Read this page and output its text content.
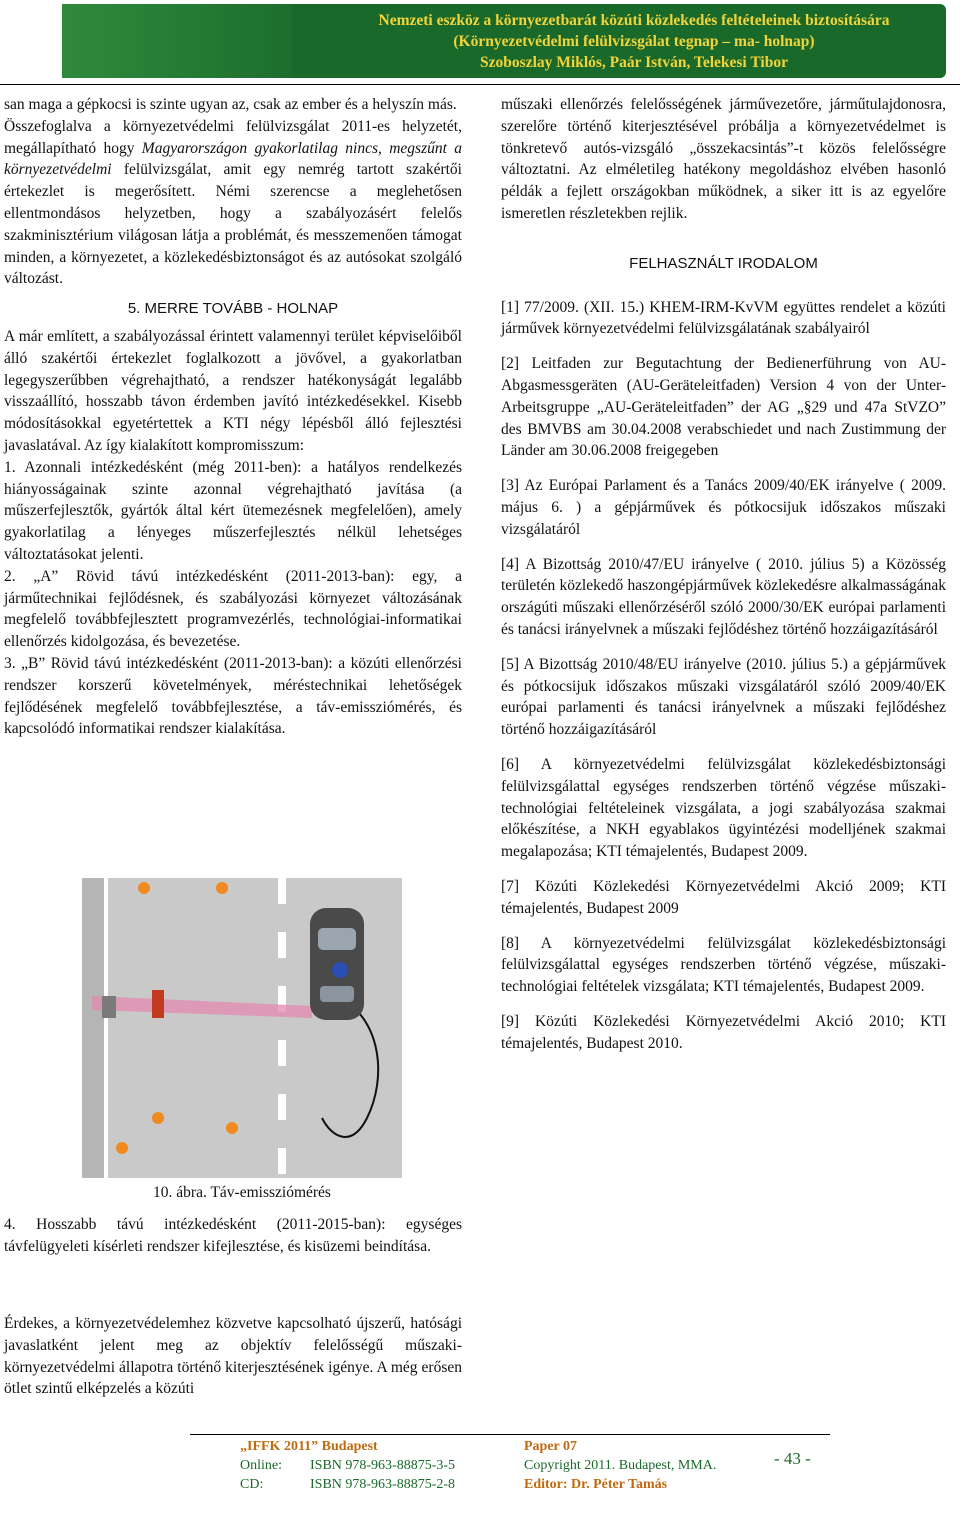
Nemzeti eszköz a környezetbarát közúti közlekedés feltételeinek biztosítására
(Környezetvédelmi felülvizsgálat tegnap – ma- holnap)
Szoboszlay Miklós, Paár István, Telekesi Tibor

san maga a gépkocsi is szinte ugyan az, csak az ember és a helyszín más.

Összefoglalva a környezetvédelmi felülvizsgálat 2011-es helyzetét, megállapítható hogy Magyarországon gyakorlatilag nincs, megszűnt a környezetvédelmi felülvizsgálat, amit egy nemrég tartott szakértői értekezlet is megerősített. Némi szerencse a meglehetősen ellentmondásos helyzetben, hogy a szabályozásért felelős szakminisztérium világosan látja a problémát, és messzemenően támogat minden, a környezetet, a közlekedésbiztonságot és az autósokat szolgáló változást.

5. MERRE TOVÁBB - HOLNAP

A már említett, a szabályozással érintett valamennyi terület képviselőiből álló szakértői értekezlet foglalkozott a jövővel, a gyakorlatban legegyszerűbben végrehajtható, a rendszer hatékonyságát legalább visszaállító, hosszabb távon érdemben javító intézkedésekkel. Kisebb módosításokkal egyetértettek a KTI négy lépésből álló fejlesztési javaslatával. Az így kialakított kompromisszum:

1. Azonnali intézkedésként (még 2011-ben): a hatályos rendelkezés hiányosságainak szinte azonnal végrehajtható javítása (a műszerfejlesztők, gyártók által kért ütemezésnek megfelelően), amely gyakorlatilag a lényeges műszerfejlesztés nélkül lehetséges változtatásokat jelenti.

2. „A” Rövid távú intézkedésként (2011-2013-ban): egy, a járműtechnikai fejlődésnek, és szabályozási környezet változásának megfelelő továbbfejlesztett programvezérlés, technológiai-informatikai ellenőrzés kidolgozása, és bevezetése.

3. „B” Rövid távú intézkedésként (2011-2013-ban): a közúti ellenőrzési rendszer korszerű követelmények, méréstechnikai lehetőségek fejlődésének megfelelő továbbfejlesztése, a táv-emissziómérés, és kapcsolódó informatikai rendszer kialakítása.

10. ábra. Táv-emissziómérés

4. Hosszabb távú intézkedésként (2011-2015-ban): egységes távfelügyeleti kísérleti rendszer kifejlesztése, és kisüzemi beindítása.

Érdekes, a környezetvédelemhez közvetve kapcsolható újszerű, hatósági javaslatként jelent meg az objektív felelősségű műszaki-környezetvédelmi állapotra történő kiterjesztésének igénye. A még erősen ötlet szintű elképzelés a közúti

műszaki ellenőrzés felelősségének járművezetőre, járműtulajdonosra, szerelőre történő kiterjesztésével próbálja a környezetvédelmet is tönkretevő autós-vizsgáló „összekacsintás”-t közös felelősségre változtatni. Az elméletileg hatékony megoldáshoz elvében hasonló példák a fejlett országokban működnek, a siker itt is az egyelőre ismeretlen részletekben rejlik.

FELHASZNÁLT IRODALOM

[1] 77/2009. (XII. 15.) KHEM-IRM-KvVM együttes rendelet a közúti járművek környezetvédelmi felülvizsgálatának szabályairól

[2] Leitfaden zur Begutachtung der Bedienerführung von AU-Abgasmessgeräten (AU-Geräteleitfaden) Version 4 von der Unter-Arbeitsgruppe „AU-Geräteleitfaden” der AG „§29 und 47a StVZO” des BMVBS am 30.04.2008 verabschiedet und nach Zustimmung der Länder am 30.06.2008 freigegeben

[3] Az Európai Parlament és a Tanács 2009/40/EK irányelve ( 2009. május 6. ) a gépjárművek és pótkocsijuk időszakos műszaki vizsgálatáról

[4] A Bizottság 2010/47/EU irányelve ( 2010. július 5) a Közösség területén közlekedő haszongépjárművek közlekedésre alkalmasságának országúti műszaki ellenőrzéséről szóló 2000/30/EK európai parlamenti és tanácsi irányelvnek a műszaki fejlődéshez történő hozzáigazításáról

[5] A Bizottság 2010/48/EU irányelve (2010. július 5.) a gépjárművek és pótkocsijuk időszakos műszaki vizsgálatáról szóló 2009/40/EK európai parlamenti és tanácsi irányelvnek a műszaki fejlődéshez történő hozzáigazításáról

[6] A környezetvédelmi felülvizsgálat közlekedésbiztonsági felülvizsgálattal egységes rendszerben történő végzése műszaki-technológiai feltételeinek vizsgálata, a jogi szabályozása szakmai előkészítése, a NKH egyablakos ügyintézési modelljének szakmai megalapozása; KTI témajelentés, Budapest 2009.

[7] Közúti Közlekedési Környezetvédelmi Akció 2009; KTI témajelentés, Budapest 2009

[8] A környezetvédelmi felülvizsgálat közlekedésbiztonsági felülvizsgálattal egységes rendszerben történő végzése, műszaki-technológiai feltételek vizsgálata; KTI témajelentés, Budapest 2009.

[9] Közúti Közlekedési Környezetvédelmi Akció 2010; KTI témajelentés, Budapest 2010.

„IFFK 2011” Budapest
Online: ISBN 978-963-88875-3-5
CD:	ISBN 978-963-88875-2-8
Paper 07
Copyright 2011. Budapest, MMA.
Editor: Dr. Péter Tamás
- 43 -
